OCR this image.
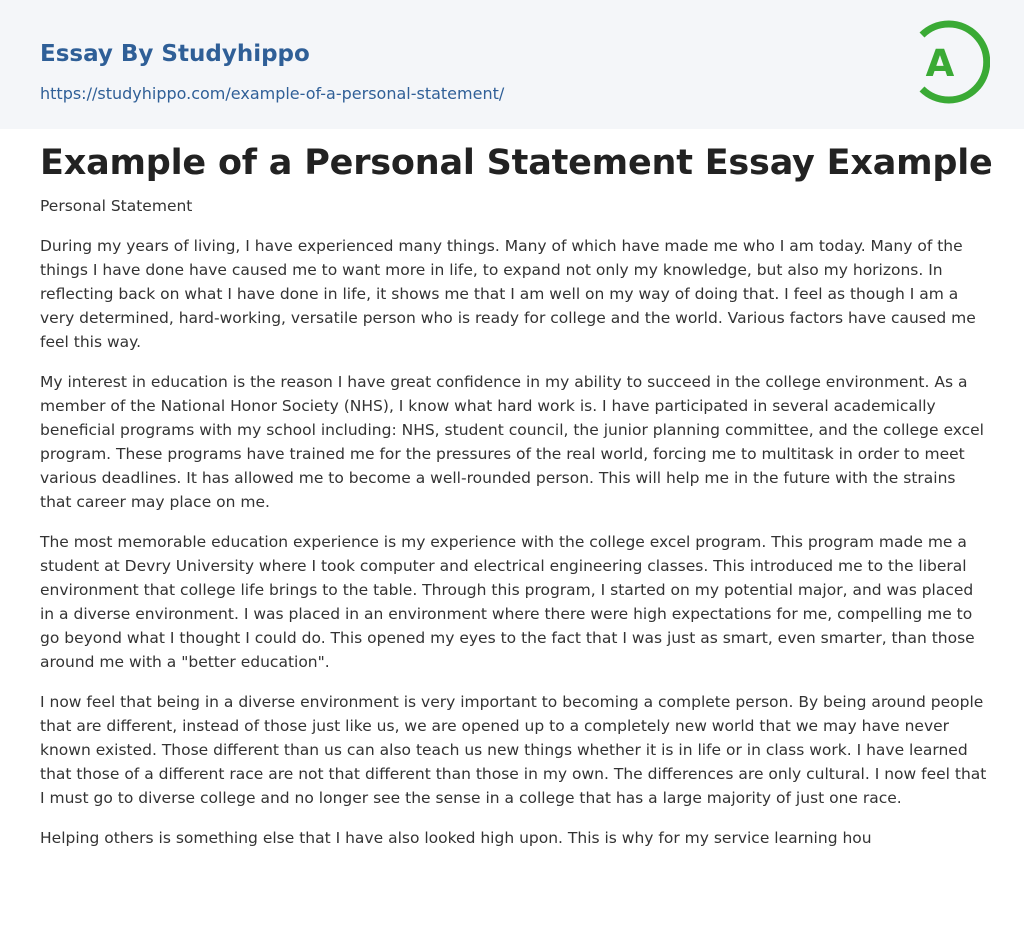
Essay By Studyhippo
https://studyhippo.com/example-of-a-personal-statement/
A
Example of a Personal Statement Essay Example
Personal Statement

During my years of living, I have experienced many things. Many of which have made me who I am today. Many of the things I have done have caused me to want more in life, to expand not only my knowledge, but also my horizons. In reflecting back on what I have done in life, it shows me that I am well on my way of doing that. I feel as though I am a very determined, hard-working, versatile person who is ready for college and the world. Various factors have caused me feel this way.

My interest in education is the reason I have great confidence in my ability to succeed in the college environment. As a member of the National Honor Society (NHS), I know what hard work is. I have participated in several academically beneficial programs with my school including: NHS, student council, the junior planning committee, and the college excel program. These programs have trained me for the pressures of the real world, forcing me to multitask in order to meet various deadlines. It has allowed me to become a well-rounded person. This will help me in the future with the strains that career may place on me.

The most memorable education experience is my experience with the college excel program. This program made me a student at Devry University where I took computer and electrical engineering classes. This introduced me to the liberal environment that college life brings to the table. Through this program, I started on my potential major, and was placed in a diverse environment. I was placed in an environment where there were high expectations for me, compelling me to go beyond what I thought I could do. This opened my eyes to the fact that I was just as smart, even smarter, than those around me with a "better education".

I now feel that being in a diverse environment is very important to becoming a complete person. By being around people that are different, instead of those just like us, we are opened up to a completely new world that we may have never known existed. Those different than us can also teach us new things whether it is in life or in class work. I have learned that those of a different race are not that different than those in my own. The differences are only cultural. I now feel that I must go to diverse college and no longer see the sense in a college that has a large majority of just one race.

Helping others is something else that I have also looked high upon. This is why for my service learning hou
